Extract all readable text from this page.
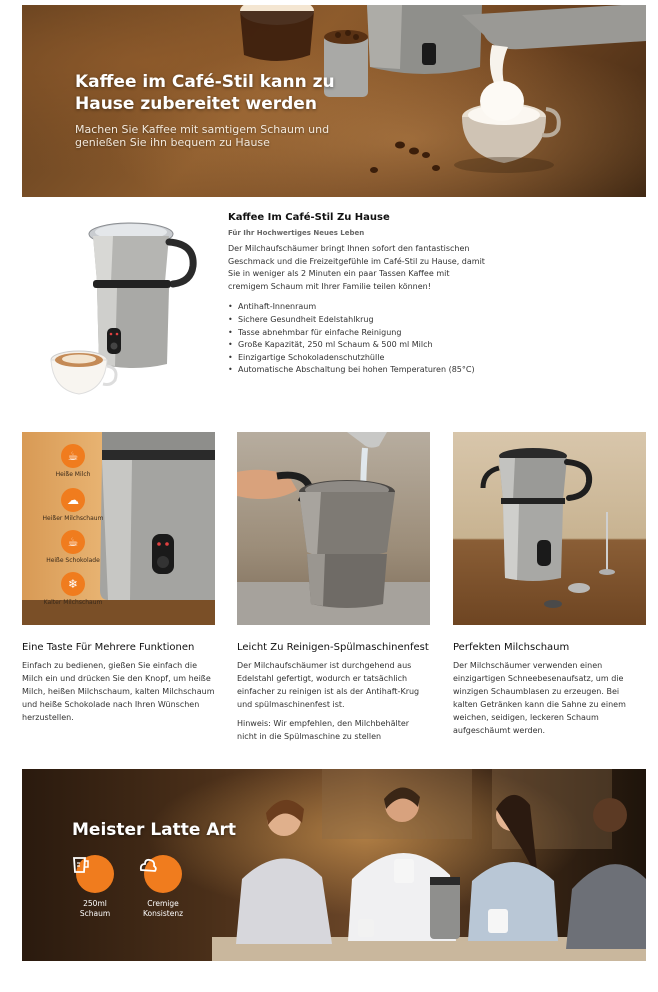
Kaffee im Café-Stil kann zu Hause zubereitet werden
Machen Sie Kaffee mit samtigem Schaum und genießen Sie ihn bequem zu Hause
Kaffee Im Café-Stil Zu Hause
Für Ihr Hochwertiges Neues Leben
Der Milchaufschäumer bringt Ihnen sofort den fantastischen Geschmack und die Freizeitgefühle im Café-Stil zu Hause, damit Sie in weniger als 2 Minuten ein paar Tassen Kaffee mit cremigem Schaum mit Ihrer Familie teilen können!
• Antihaft-Innenraum
• Sichere Gesundheit Edelstahlkrug
• Tasse abnehmbar für einfache Reinigung
• Große Kapazität, 250 ml Schaum & 500 ml Milch
• Einzigartige Schokoladenschutzhülle
• Automatische Abschaltung bei hohen Temperaturen (85°C)
☕
Heiße Milch
☁
Heißer Milchschaum
☕
Heiße Schokolade
❄
Kalter Milchschaum
Eine Taste Für Mehrere Funktionen
Einfach zu bedienen, gießen Sie einfach die Milch ein und drücken Sie den Knopf, um heiße Milch, heißen Milchschaum, kalten Milchschaum und heiße Schokolade nach Ihren Wünschen herzustellen.
Leicht Zu Reinigen-Spülmaschinenfest
Der Milchaufschäumer ist durchgehend aus Edelstahl gefertigt, wodurch er tatsächlich einfacher zu reinigen ist als der Antihaft-Krug und spülmaschinenfest ist.
Hinweis: Wir empfehlen, den Milchbehälter nicht in die Spülmaschine zu stellen
Perfekten Milchschaum
Der Milchschäumer verwenden einen einzigartigen Schneebesenaufsatz, um die winzigen Schaumblasen zu erzeugen. Bei kalten Getränken kann die Sahne zu einem weichen, seidigen, leckeren Schaum aufgeschäumt werden.
Meister Latte Art
250ml Schaum
Cremige Konsistenz
